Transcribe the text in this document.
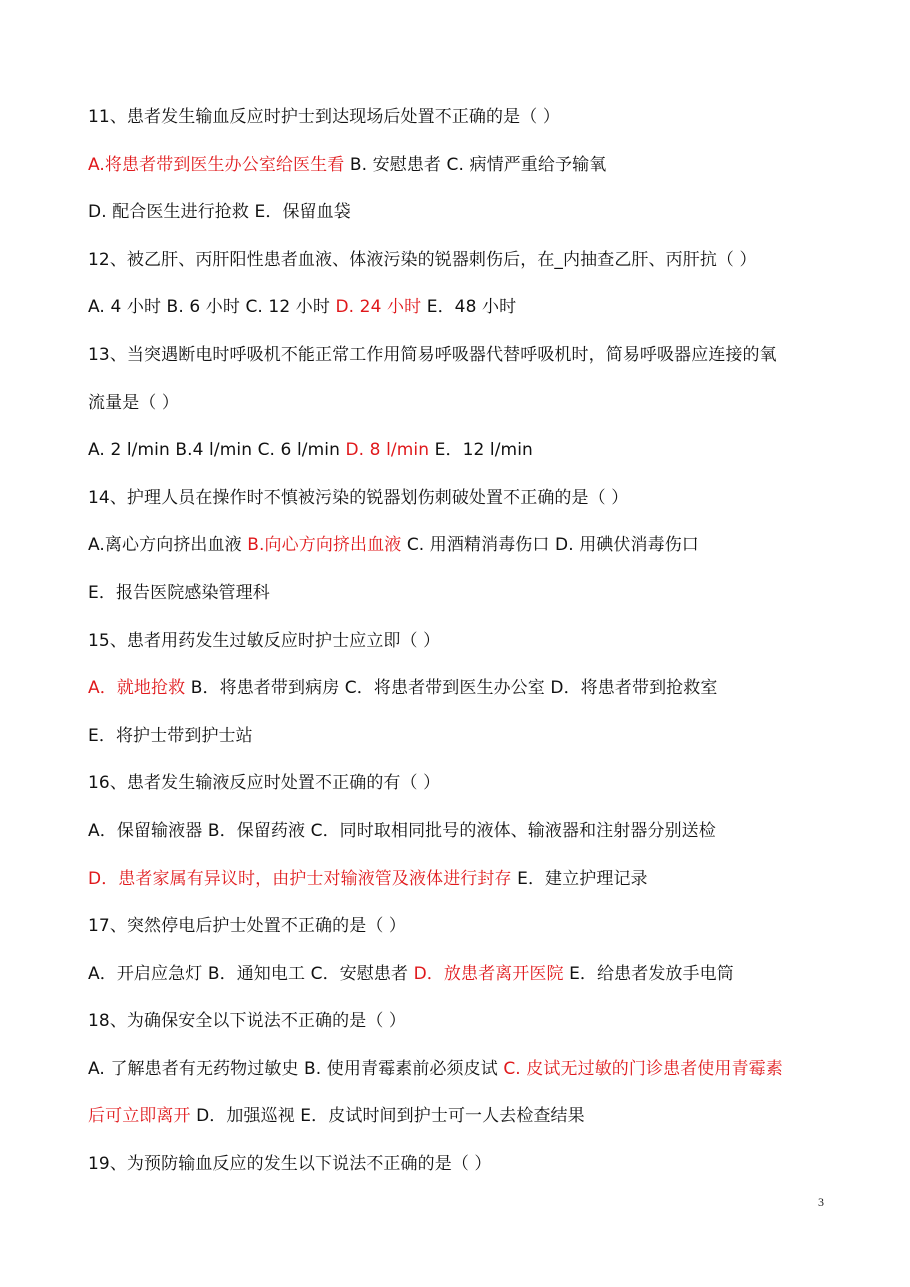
11、患者发生输血反应时护士到达现场后处置不正确的是（ ）
A.将患者带到医生办公室给医生看 B. 安慰患者 C. 病情严重给予输氧
D. 配合医生进行抢救 E．保留血袋
12、被乙肝、丙肝阳性患者血液、体液污染的锐器刺伤后，在_内抽查乙肝、丙肝抗（ ）
A. 4 小时 B. 6 小时 C. 12 小时 D. 24 小时 E．48 小时
13、当突遇断电时呼吸机不能正常工作用简易呼吸器代替呼吸机时，简易呼吸器应连接的氧
流量是（ ）
A. 2 l/min B.4 l/min C. 6 l/min D. 8 l/min E．12 l/min
14、护理人员在操作时不慎被污染的锐器划伤刺破处置不正确的是（ ）
A.离心方向挤出血液 B.向心方向挤出血液 C. 用酒精消毒伤口 D. 用碘伏消毒伤口
E．报告医院感染管理科
15、患者用药发生过敏反应时护士应立即（ ）
A．就地抢救 B．将患者带到病房 C．将患者带到医生办公室 D．将患者带到抢救室
E．将护士带到护士站
16、患者发生输液反应时处置不正确的有（ ）
A．保留输液器 B．保留药液 C．同时取相同批号的液体、输液器和注射器分别送检
D．患者家属有异议时，由护士对输液管及液体进行封存 E．建立护理记录
17、突然停电后护士处置不正确的是（ ）
A．开启应急灯 B．通知电工 C．安慰患者 D．放患者离开医院 E．给患者发放手电筒
18、为确保安全以下说法不正确的是（ ）
A. 了解患者有无药物过敏史 B. 使用青霉素前必须皮试 C. 皮试无过敏的门诊患者使用青霉素
后可立即离开 D．加强巡视 E．皮试时间到护士可一人去检查结果
19、为预防输血反应的发生以下说法不正确的是（ ）
3
